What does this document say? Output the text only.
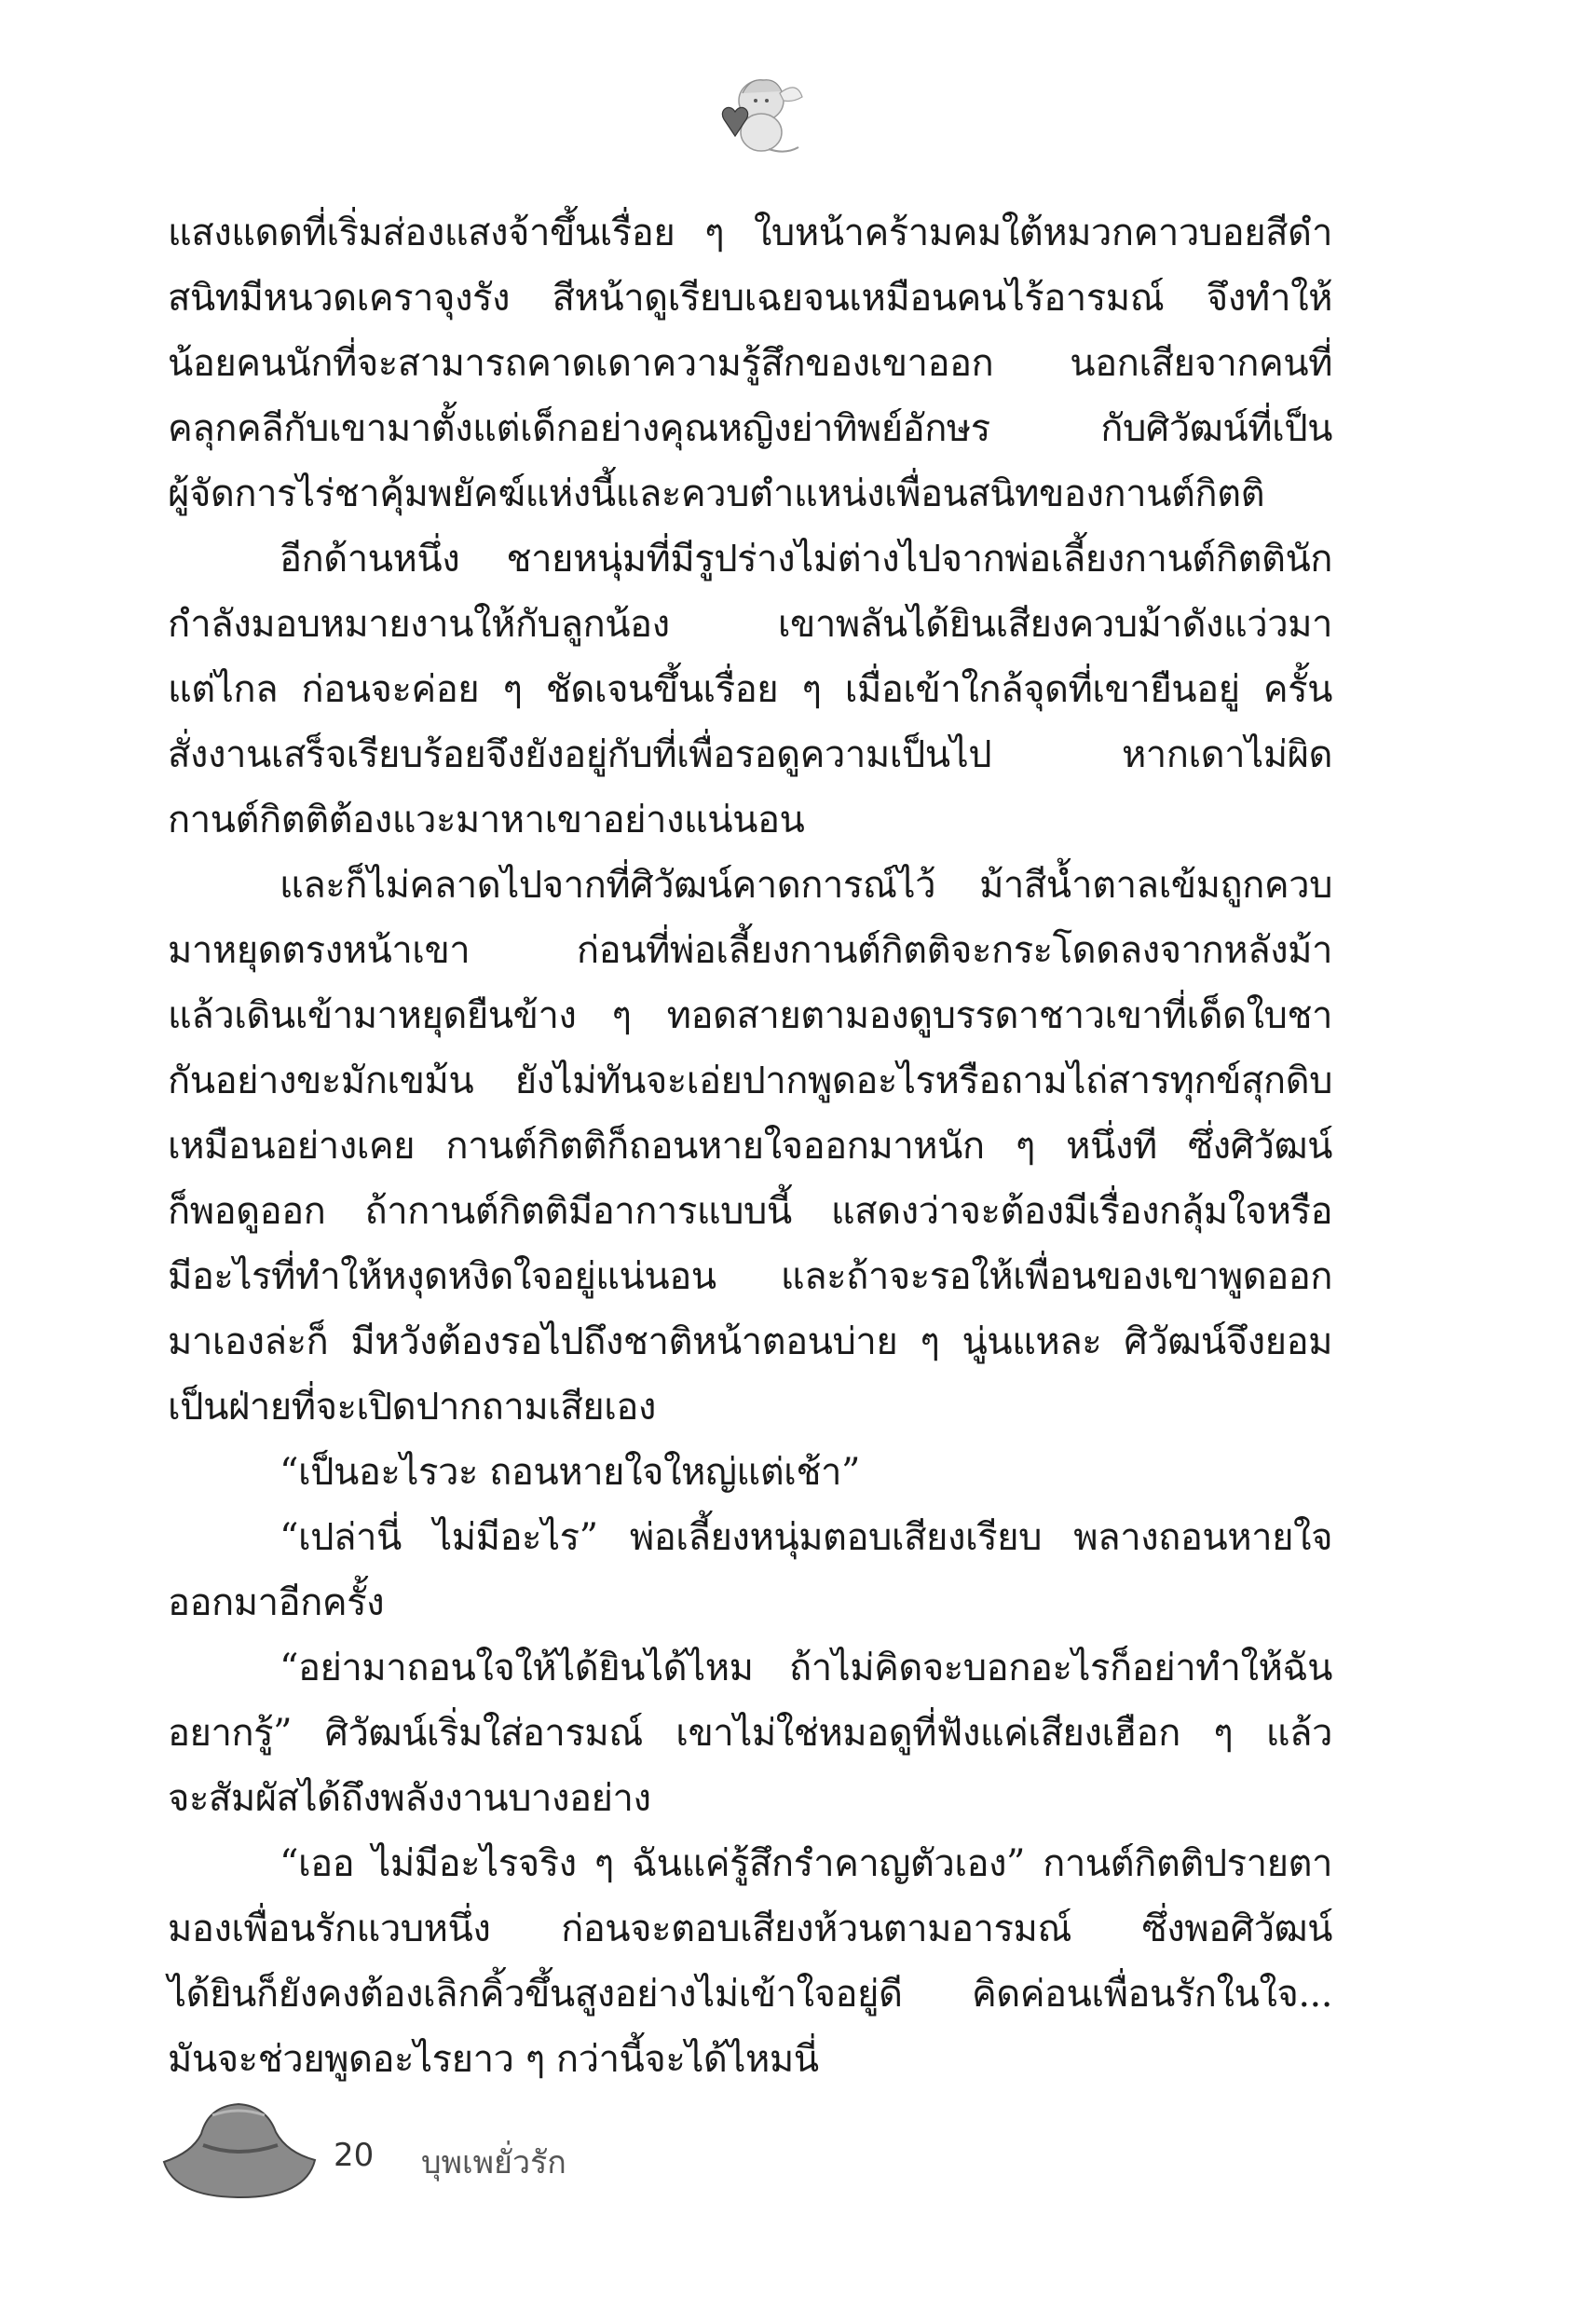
แสงแดดที่เริ่มส่องแสงจ้าขึ้นเรื่อย ๆ ใบหน้าคร้ามคมใต้หมวกคาวบอยสีดำ
สนิทมีหนวดเคราจุงรัง สีหน้าดูเรียบเฉยจนเหมือนคนไร้อารมณ์ จึงทำให้
น้อยคนนักที่จะสามารถคาดเดาความรู้สึกของเขาออก นอกเสียจากคนที่
คลุกคลีกับเขามาตั้งแต่เด็กอย่างคุณหญิงย่าทิพย์อักษร กับศิวัฒน์ที่เป็น
ผู้จัดการไร่ชาคุ้มพยัคฆ์แห่งนี้และควบตำแหน่งเพื่อนสนิทของกานต์กิตติ
อีกด้านหนึ่ง ชายหนุ่มที่มีรูปร่างไม่ต่างไปจากพ่อเลี้ยงกานต์กิตตินัก
กำลังมอบหมายงานให้กับลูกน้อง เขาพลันได้ยินเสียงควบม้าดังแว่วมา
แต่ไกล ก่อนจะค่อย ๆ ชัดเจนขึ้นเรื่อย ๆ เมื่อเข้าใกล้จุดที่เขายืนอยู่ ครั้น
สั่งงานเสร็จเรียบร้อยจึงยังอยู่กับที่เพื่อรอดูความเป็นไป หากเดาไม่ผิด
กานต์กิตติต้องแวะมาหาเขาอย่างแน่นอน
และก็ไม่คลาดไปจากที่ศิวัฒน์คาดการณ์ไว้ ม้าสีน้ำตาลเข้มถูกควบ
มาหยุดตรงหน้าเขา ก่อนที่พ่อเลี้ยงกานต์กิตติจะกระโดดลงจากหลังม้า
แล้วเดินเข้ามาหยุดยืนข้าง ๆ ทอดสายตามองดูบรรดาชาวเขาที่เด็ดใบชา
กันอย่างขะมักเขม้น ยังไม่ทันจะเอ่ยปากพูดอะไรหรือถามไถ่สารทุกข์สุกดิบ
เหมือนอย่างเคย กานต์กิตติก็ถอนหายใจออกมาหนัก ๆ หนึ่งที ซึ่งศิวัฒน์
ก็พอดูออก ถ้ากานต์กิตติมีอาการแบบนี้ แสดงว่าจะต้องมีเรื่องกลุ้มใจหรือ
มีอะไรที่ทำให้หงุดหงิดใจอยู่แน่นอน และถ้าจะรอให้เพื่อนของเขาพูดออก
มาเองล่ะก็ มีหวังต้องรอไปถึงชาติหน้าตอนบ่าย ๆ นู่นแหละ ศิวัฒน์จึงยอม
เป็นฝ่ายที่จะเปิดปากถามเสียเอง
“เป็นอะไรวะ ถอนหายใจใหญ่แต่เช้า”
“เปล่านี่ ไม่มีอะไร” พ่อเลี้ยงหนุ่มตอบเสียงเรียบ พลางถอนหายใจ
ออกมาอีกครั้ง
“อย่ามาถอนใจให้ได้ยินได้ไหม ถ้าไม่คิดจะบอกอะไรก็อย่าทำให้ฉัน
อยากรู้” ศิวัฒน์เริ่มใส่อารมณ์ เขาไม่ใช่หมอดูที่ฟังแค่เสียงเฮือก ๆ แล้ว
จะสัมผัสได้ถึงพลังงานบางอย่าง
“เออ ไม่มีอะไรจริง ๆ ฉันแค่รู้สึกรำคาญตัวเอง” กานต์กิตติปรายตา
มองเพื่อนรักแวบหนึ่ง ก่อนจะตอบเสียงห้วนตามอารมณ์ ซึ่งพอศิวัฒน์
ได้ยินก็ยังคงต้องเลิกคิ้วขึ้นสูงอย่างไม่เข้าใจอยู่ดี คิดค่อนเพื่อนรักในใจ...
มันจะช่วยพูดอะไรยาว ๆ กว่านี้จะได้ไหมนี่
20 บุพเพยั่วรัก
